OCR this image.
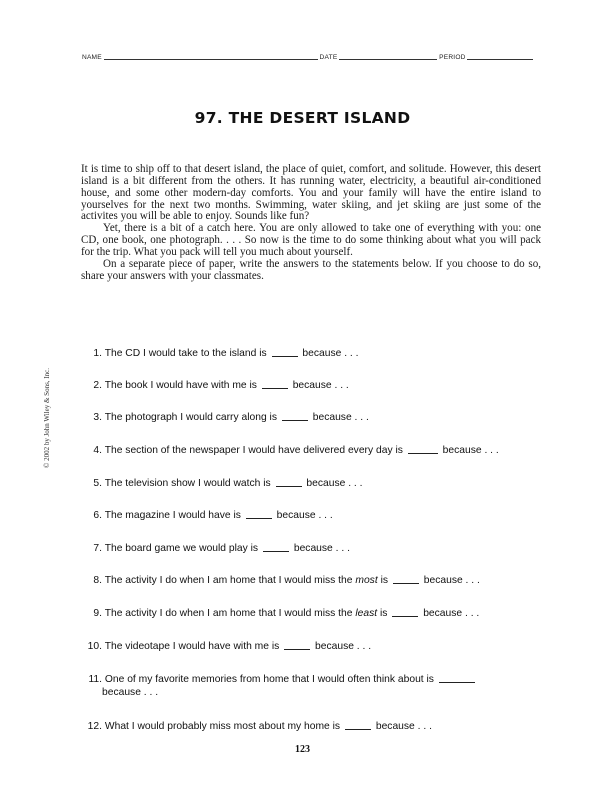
NAME	DATE	PERIOD
97. THE DESERT ISLAND

It is time to ship off to that desert island, the place of quiet, comfort, and solitude. However, this desert island is a bit different from the others. It has running water, electricity, a beautiful air-conditioned house, and some other modern-day comforts. You and your family will have the entire island to yourselves for the next two months. Swimming, water skiing, and jet skiing are just some of the activites you will be able to enjoy. Sounds like fun?

Yet, there is a bit of a catch here. You are only allowed to take one of everything with you: one CD, one book, one photograph. . . . So now is the time to do some thinking about what you will pack for the trip. What you pack will tell you much about yourself.

On a separate piece of paper, write the answers to the statements below. If you choose to do so, share your answers with your classmates.

© 2002 by John Wiley & Sons, Inc.
1. The CD I would take to the island is	because . . .
2. The book I would have with me is	because . . .
3. The photograph I would carry along is	because . . .
4. The section of the newspaper I would have delivered every day is	because . . .
5. The television show I would watch is	because . . .
6. The magazine I would have is	because . . .
7. The board game we would play is	because . . .
8. The activity I do when I am home that I would miss the most is	because . . .
9. The activity I do when I am home that I would miss the least is	because . . .
10. The videotape I would have with me is	because . . .
11. One of my favorite memories from home that I would often think about is
because . . .
12. What I would probably miss most about my home is	because . . .
123
